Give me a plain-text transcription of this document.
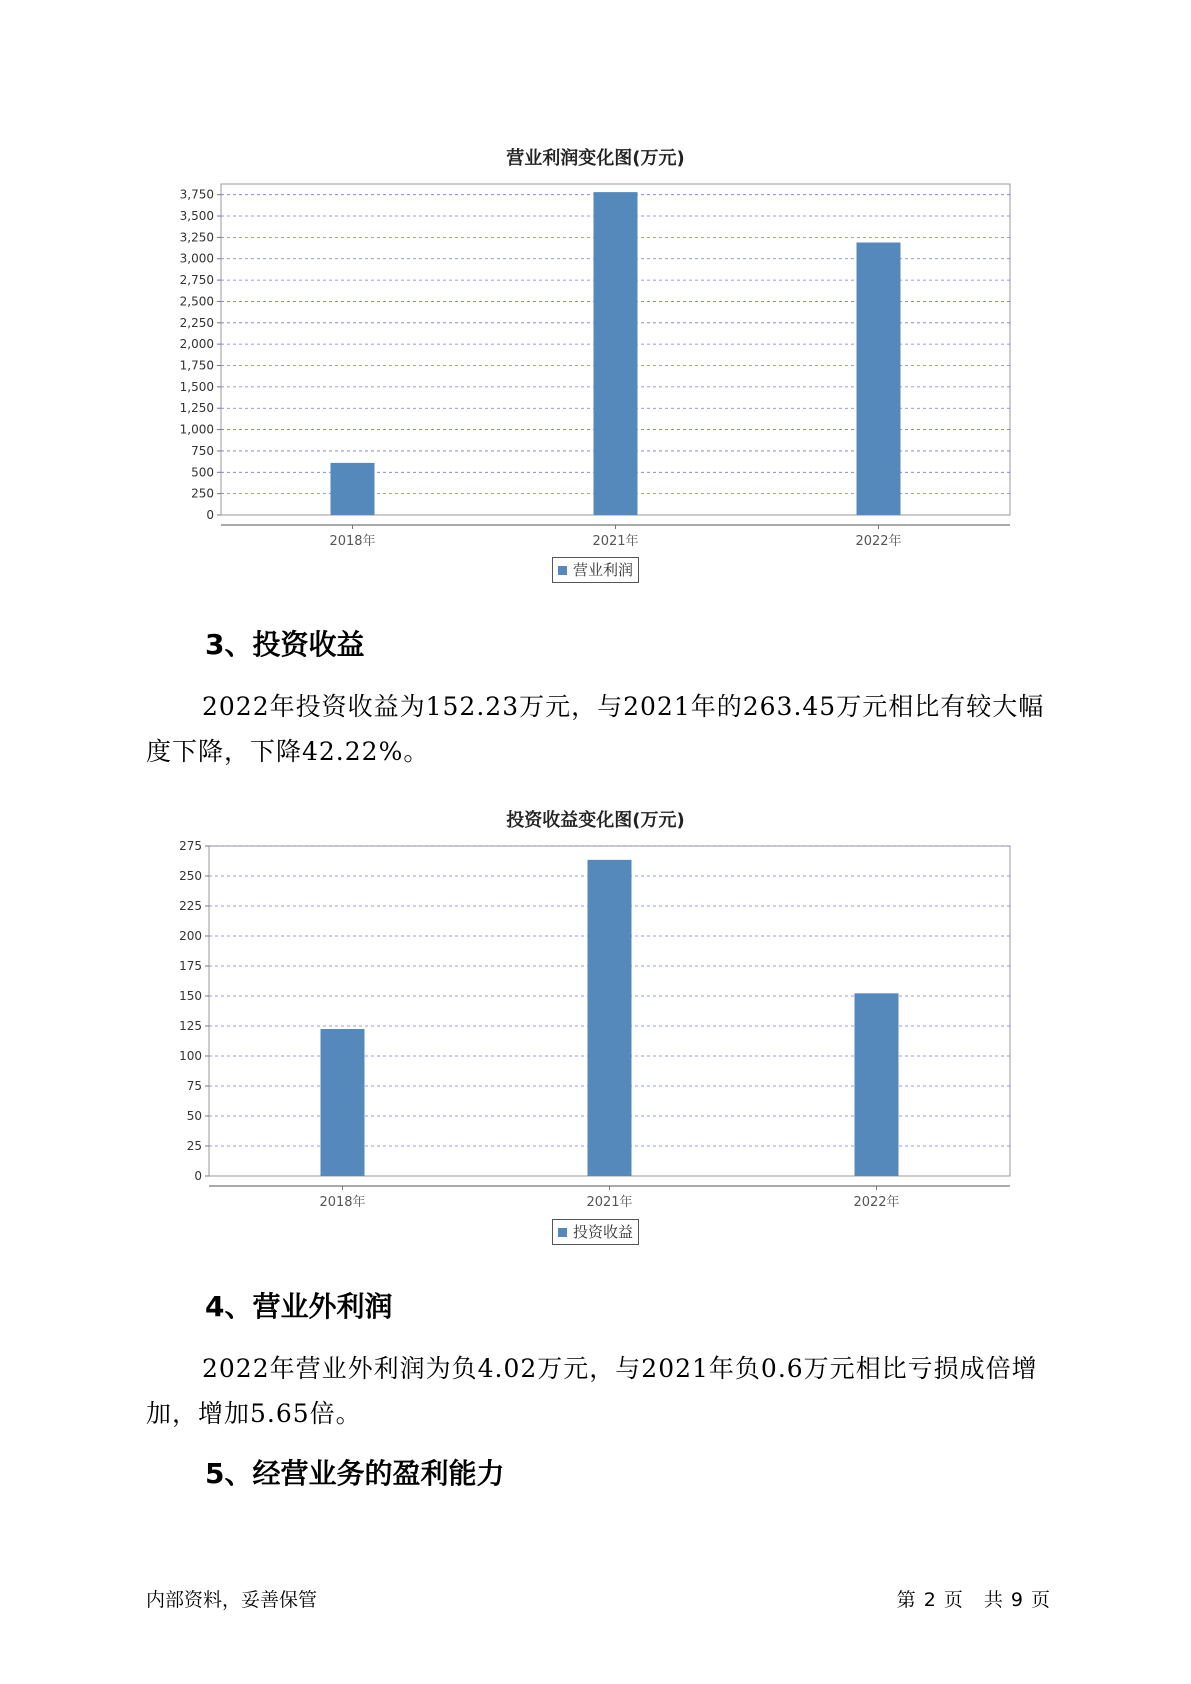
营业利润变化图(万元)
0
250
500
750
1,000
1,250
1,500
1,750
2,000
2,250
2,500
2,750
3,000
3,250
3,500
3,750
2018年	2021年	2022年
营业利润
3、投资收益
2022年投资收益为152.23万元，与2021年的263.45万元相比有较大幅度下降，下降42.22%。
投资收益变化图(万元)
0
25
50
75
100
125
150
175
200
225
250
275
2018年	2021年	2022年
投资收益
4、营业外利润
2022年营业外利润为负4.02万元，与2021年负0.6万元相比亏损成倍增加，增加5.65倍。
5、经营业务的盈利能力
内部资料，妥善保管	第 2 页　共 9 页
